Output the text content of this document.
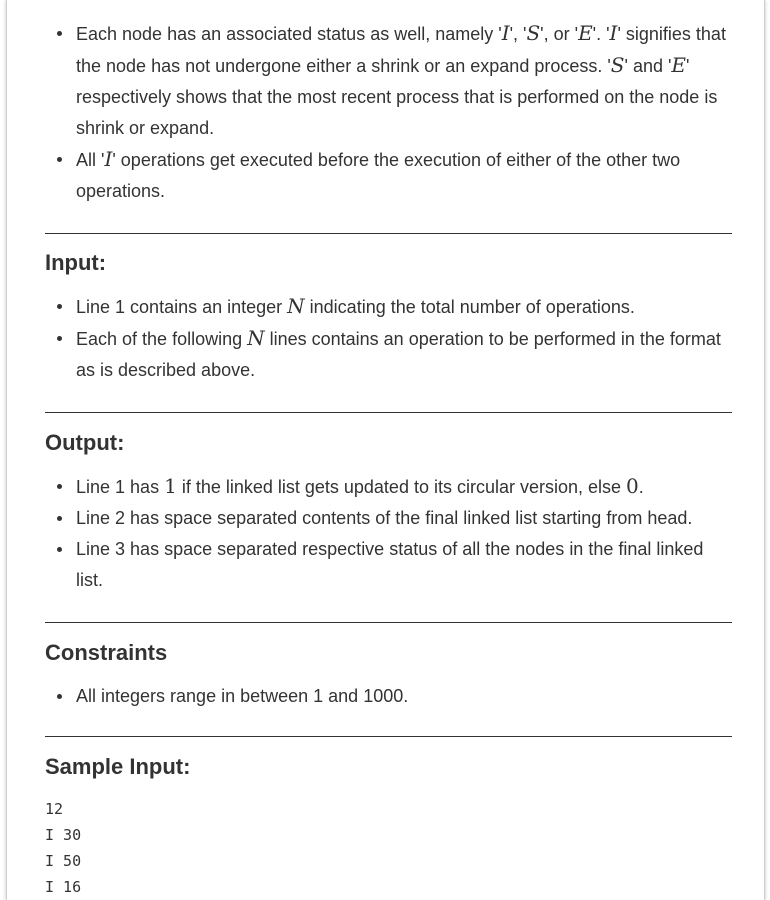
Each node has an associated status as well, namely 'I', 'S', or 'E'. 'I' signifies that the node has not undergone either a shrink or an expand process. 'S' and 'E' respectively shows that the most recent process that is performed on the node is shrink or expand.
All 'I' operations get executed before the execution of either of the other two operations.
Input:
Line 1 contains an integer N indicating the total number of operations.
Each of the following N lines contains an operation to be performed in the format as is described above.
Output:
Line 1 has 1 if the linked list gets updated to its circular version, else 0.
Line 2 has space separated contents of the final linked list starting from head.
Line 3 has space separated respective status of all the nodes in the final linked list.
Constraints
All integers range in between 1 and 1000.
Sample Input:
12
I 30
I 50
I 16
